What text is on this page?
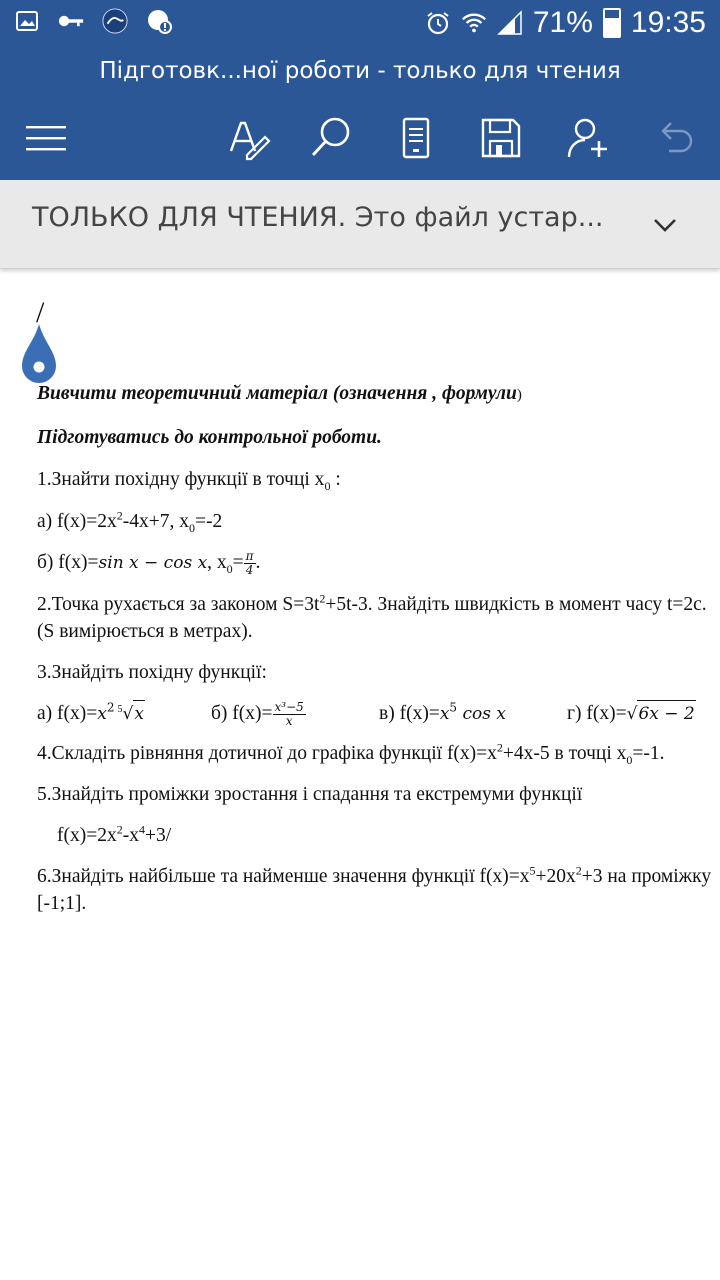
71% 19:35
Підготовк...ної роботи - только для чтения
ТОЛЬКО ДЛЯ ЧТЕНИЯ. Это файл устар...
/

Вивчити теоретичний матеріал (означення , формули)

Підготуватись до контрольної роботи.

1.Знайти похідну функції в точці $x_0$ :

а) $f(x)=2x^2-4x+7$, $x_0=-2$

б) f(x)=sin x − cos x, $x_0= \frac{\pi}{4}$ .

2.Точка рухається за законом $S=3t^2+5t-3$. Знайдіть швидкість в момент часу t=2с. (S вимірюється в метрах).

3.Знайдіть похідну функції:

а) $f(x)=x^2$ $^5$√x	б) $f(x)= \frac{\text{x³−5}}{x}$	в) $f(x)=x^5$ cos x	г) f(x)=√6x − 2

4.Складіть рівняння дотичної до графіка функції $f(x)=x^2+4x-5$ в точці $x_0=-1$.

5.Знайдіть проміжки зростання і спадання та екстремуми функції

$f(x)=2x^2-x^4+3/$

6.Знайдіть найбільше та найменше значення функції $f(x)=x^5+20x^2+3$ на проміжку [-1;1].
